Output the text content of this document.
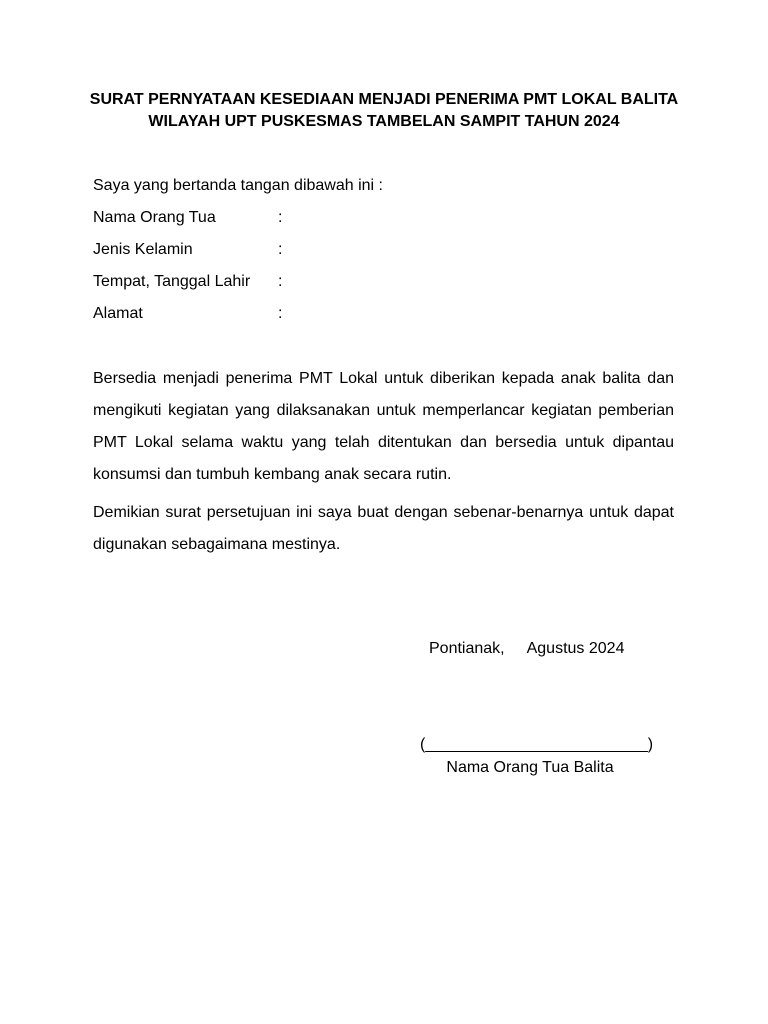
SURAT PERNYATAAN KESEDIAAN MENJADI PENERIMA PMT LOKAL BALITA
WILAYAH UPT PUSKESMAS TAMBELAN SAMPIT TAHUN 2024
Saya yang bertanda tangan dibawah ini :
Nama Orang Tua	:
Jenis Kelamin	:
Tempat, Tanggal Lahir :
Alamat	:
Bersedia menjadi penerima PMT Lokal untuk diberikan kepada anak balita dan mengikuti kegiatan yang dilaksanakan untuk memperlancar kegiatan pemberian PMT Lokal selama waktu yang telah ditentukan dan bersedia untuk dipantau konsumsi dan tumbuh kembang anak secara rutin.
Demikian surat persetujuan ini saya buat dengan sebenar-benarnya untuk dapat digunakan sebagaimana mestinya.
Pontianak, Agustus 2024
(_________________________)
Nama Orang Tua Balita
